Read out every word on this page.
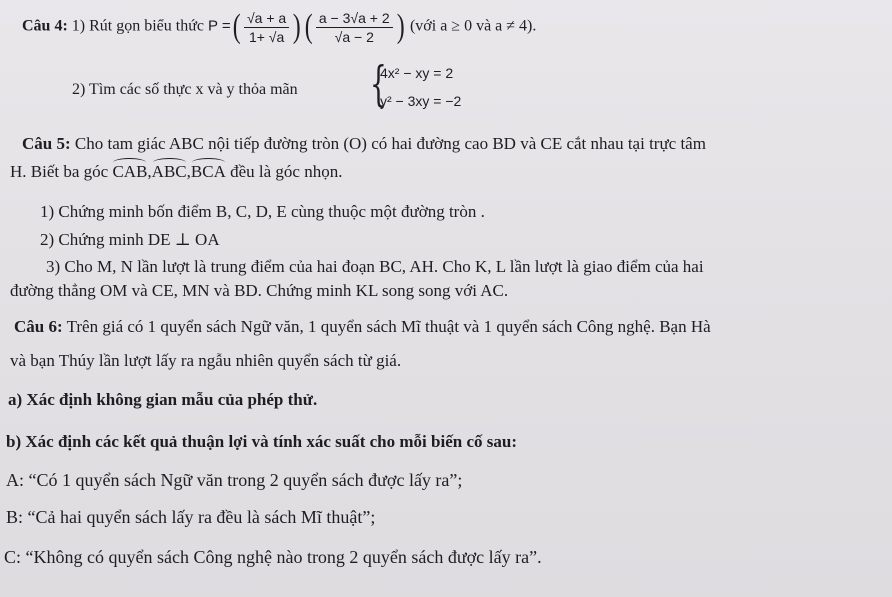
Câu 4: 1) Rút gọn biểu thức P =( $\frac{√a + a}{1+ √a}$ )( $\frac{a - 3√a + 2}{√a - 2}$ ) (với a ≥ 0 và a ≠ 4).
2) Tìm các số thực x và y thỏa mãn {
4x² − xy = 2
y² − 3xy = −2
Câu 5: Cho tam giác ABC nội tiếp đường tròn (O) có hai đường cao BD và CE cắt nhau tại trực tâm
H. Biết ba góc CAB,ABC,BCA đều là góc nhọn.
1) Chứng minh bốn điểm B, C, D, E cùng thuộc một đường tròn .
2) Chứng minh DE ⊥ OA
3) Cho M, N lần lượt là trung điểm của hai đoạn BC, AH. Cho K, L lần lượt là giao điểm của hai
đường thẳng OM và CE, MN và BD. Chứng minh KL song song với AC.
Câu 6: Trên giá có 1 quyển sách Ngữ văn, 1 quyển sách Mĩ thuật và 1 quyển sách Công nghệ. Bạn Hà
và bạn Thúy lần lượt lấy ra ngẫu nhiên quyển sách từ giá.
a) Xác định không gian mẫu của phép thử.
b) Xác định các kết quả thuận lợi và tính xác suất cho mỗi biến cố sau:
A: “Có 1 quyển sách Ngữ văn trong 2 quyển sách được lấy ra”;
B: “Cả hai quyển sách lấy ra đều là sách Mĩ thuật”;
C: “Không có quyển sách Công nghệ nào trong 2 quyển sách được lấy ra”.
